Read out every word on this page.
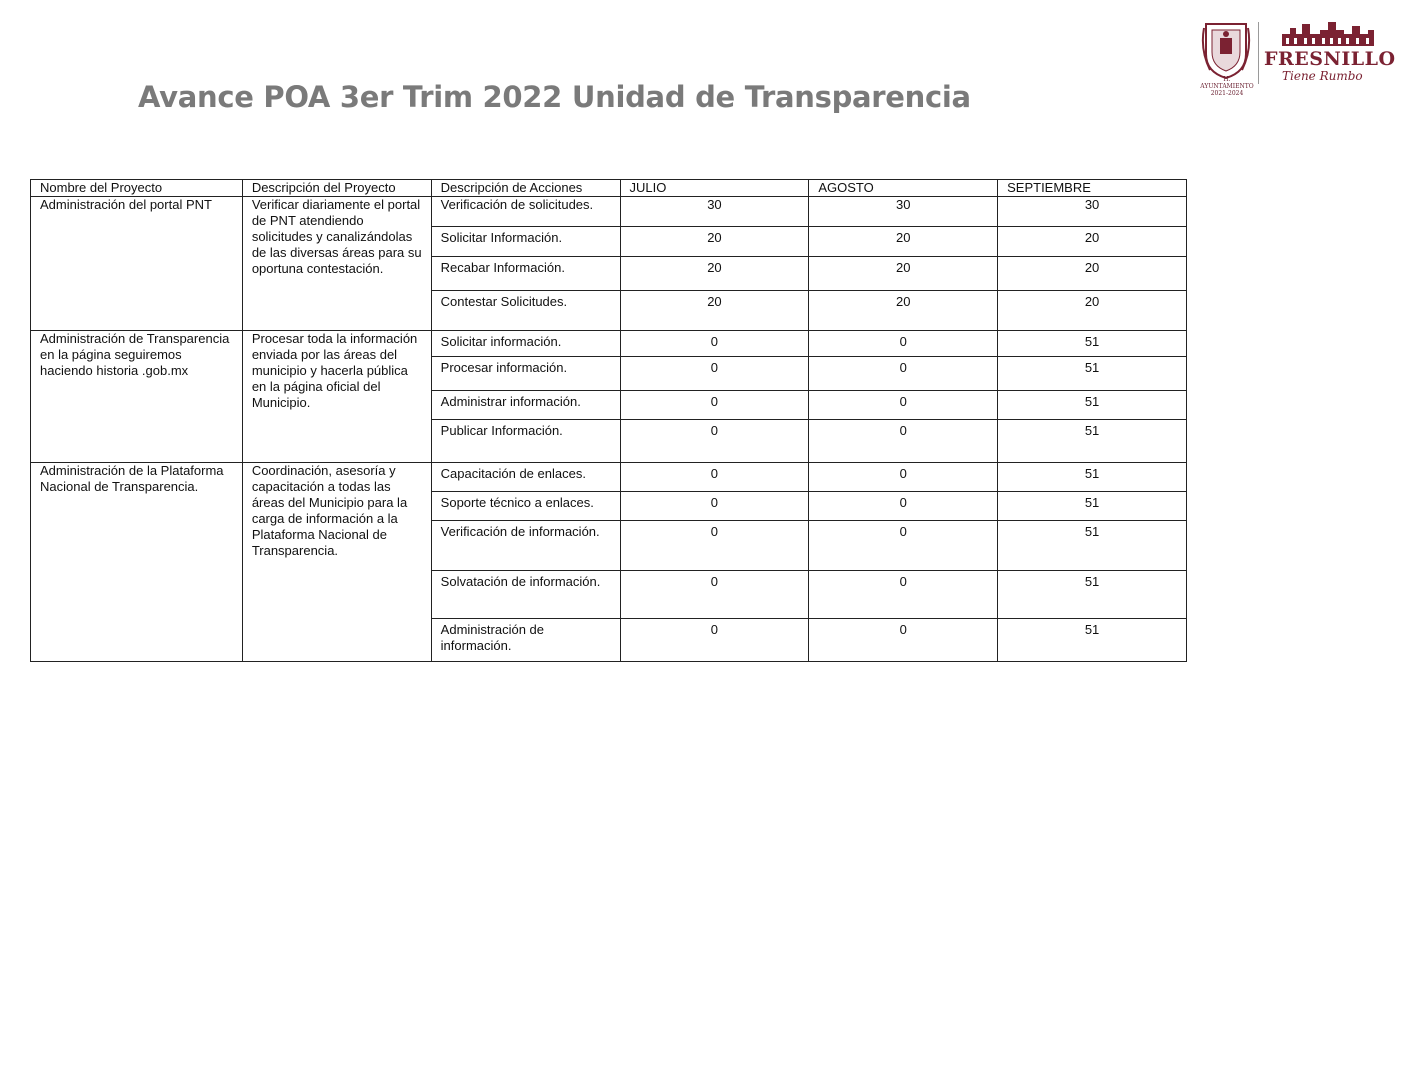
Avance POA 3er Trim 2022 Unidad de Transparencia
H. AYUNTAMIENTO 2021-2024
FRESNILLO
Tiene Rumbo
Nombre del Proyecto	Descripción del Proyecto	Descripción de Acciones	JULIO	AGOSTO	SEPTIEMBRE
Administración del portal PNT	Verificar diariamente el portal de PNT atendiendo solicitudes y canalizándolas de las diversas áreas para su oportuna contestación.	Verificación de solicitudes.	30	30	30
		Solicitar Información.	20	20	20
		Recabar Información.	20	20	20
		Contestar Solicitudes.	20	20	20
Administración de Transparencia en la página seguiremos haciendo historia .gob.mx	Procesar toda la información enviada por las áreas del municipio y hacerla pública en la página oficial del Municipio.	Solicitar información.	0	0	51
		Procesar información.	0	0	51
		Administrar información.	0	0	51
		Publicar Información.	0	0	51
Administración de la Plataforma Nacional de Transparencia.	Coordinación, asesoría y capacitación a todas las áreas del Municipio para la carga de información a la Plataforma Nacional de Transparencia.	Capacitación de enlaces.	0	0	51
		Soporte técnico a enlaces.	0	0	51
		Verificación de información.	0	0	51
		Solvatación de información.	0	0	51
		Administración de información.	0	0	51
